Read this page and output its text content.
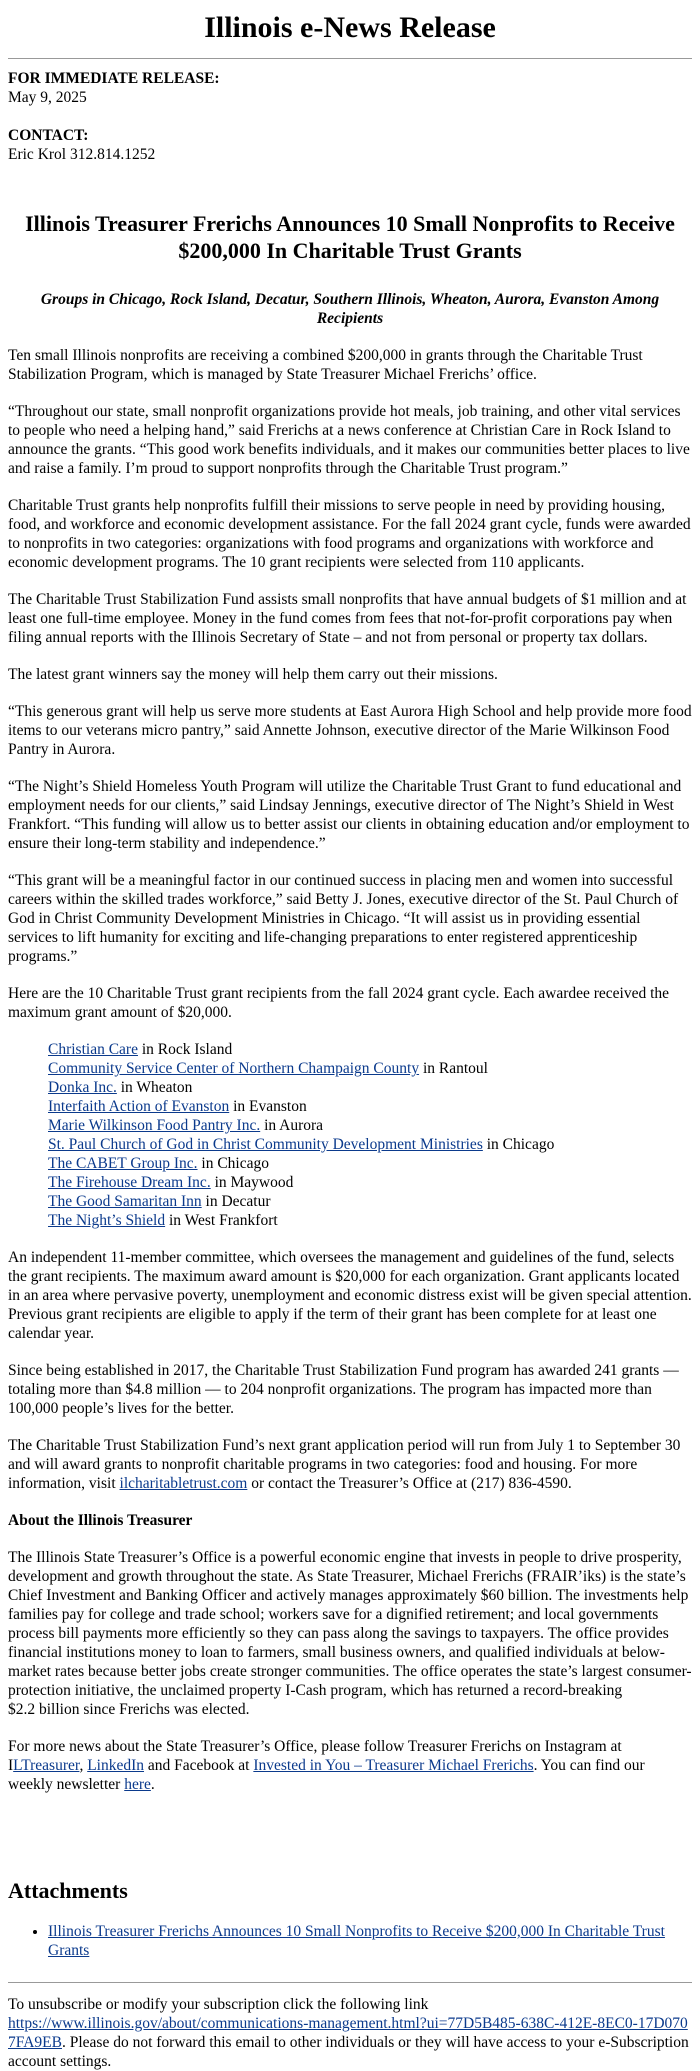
Illinois e-News Release

FOR IMMEDIATE RELEASE:

May 9, 2025

CONTACT:

Eric Krol 312.814.1252

Illinois Treasurer Frerichs Announces 10 Small Nonprofits to Receive $200,000 In Charitable Trust Grants
Groups in Chicago, Rock Island, Decatur, Southern Illinois, Wheaton, Aurora, Evanston Among Recipients

Ten small Illinois nonprofits are receiving a combined $200,000 in grants through the Charitable Trust Stabilization Program, which is managed by State Treasurer Michael Frerichs’ office.

“Throughout our state, small nonprofit organizations provide hot meals, job training, and other vital services to people who need a helping hand,” said Frerichs at a news conference at Christian Care in Rock Island to announce the grants. “This good work benefits individuals, and it makes our communities better places to live and raise a family. I’m proud to support nonprofits through the Charitable Trust program.”

Charitable Trust grants help nonprofits fulfill their missions to serve people in need by providing housing, food, and workforce and economic development assistance. For the fall 2024 grant cycle, funds were awarded to nonprofits in two categories: organizations with food programs and organizations with workforce and economic development programs. The 10 grant recipients were selected from 110 applicants.

The Charitable Trust Stabilization Fund assists small nonprofits that have annual budgets of $1 million and at least one full-time employee. Money in the fund comes from fees that not-for-profit corporations pay when filing annual reports with the Illinois Secretary of State – and not from personal or property tax dollars.

The latest grant winners say the money will help them carry out their missions.

“This generous grant will help us serve more students at East Aurora High School and help provide more food items to our veterans micro pantry,” said Annette Johnson, executive director of the Marie Wilkinson Food Pantry in Aurora.

“The Night’s Shield Homeless Youth Program will utilize the Charitable Trust Grant to fund educational and employment needs for our clients,” said Lindsay Jennings, executive director of The Night’s Shield in West Frankfort. “This funding will allow us to better assist our clients in obtaining education and/or employment to ensure their long-term stability and independence.”

“This grant will be a meaningful factor in our continued success in placing men and women into successful careers within the skilled trades workforce,” said Betty J. Jones, executive director of the St. Paul Church of God in Christ Community Development Ministries in Chicago. “It will assist us in providing essential services to lift humanity for exciting and life-changing preparations to enter registered apprenticeship programs.”

Here are the 10 Charitable Trust grant recipients from the fall 2024 grant cycle. Each awardee received the maximum grant amount of $20,000.

Christian Care in Rock Island
Community Service Center of Northern Champaign County in Rantoul
Donka Inc. in Wheaton
Interfaith Action of Evanston in Evanston
Marie Wilkinson Food Pantry Inc. in Aurora
St. Paul Church of God in Christ Community Development Ministries in Chicago
The CABET Group Inc. in Chicago
The Firehouse Dream Inc. in Maywood
The Good Samaritan Inn in Decatur
The Night’s Shield in West Frankfort

An independent 11-member committee, which oversees the management and guidelines of the fund, selects the grant recipients. The maximum award amount is $20,000 for each organization. Grant applicants located in an area where pervasive poverty, unemployment and economic distress exist will be given special attention. Previous grant recipients are eligible to apply if the term of their grant has been complete for at least one calendar year.

Since being established in 2017, the Charitable Trust Stabilization Fund program has awarded 241 grants — totaling more than $4.8 million — to 204 nonprofit organizations. The program has impacted more than 100,000 people’s lives for the better.

The Charitable Trust Stabilization Fund’s next grant application period will run from July 1 to September 30 and will award grants to nonprofit charitable programs in two categories: food and housing. For more information, visit ilcharitabletrust.com or contact the Treasurer’s Office at (217) 836-4590.

About the Illinois Treasurer

The Illinois State Treasurer’s Office is a powerful economic engine that invests in people to drive prosperity, development and growth throughout the state. As State Treasurer, Michael Frerichs (FRAIR’iks) is the state’s Chief Investment and Banking Officer and actively manages approximately $60 billion. The investments help families pay for college and trade school; workers save for a dignified retirement; and local governments process bill payments more efficiently so they can pass along the savings to taxpayers. The office provides financial institutions money to loan to farmers, small business owners, and qualified individuals at below-market rates because better jobs create stronger communities. The office operates the state’s largest consumer- protection initiative, the unclaimed property I-Cash program, which has returned a record-breaking
$2.2 billion since Frerichs was elected.

For more news about the State Treasurer’s Office, please follow Treasurer Frerichs on Instagram at ILTreasurer, LinkedIn and Facebook at Invested in You – Treasurer Michael Frerichs. You can find our weekly newsletter here.

Attachments
• Illinois Treasurer Frerichs Announces 10 Small Nonprofits to Receive $200,000 In Charitable Trust Grants

To unsubscribe or modify your subscription click the following link
https://www.illinois.gov/about/communications-management.html?ui=77D5B485-638C-412E-8EC0-17D0707FA9EB. Please do not forward this email to other individuals or they will have access to your e-Subscription account settings.
